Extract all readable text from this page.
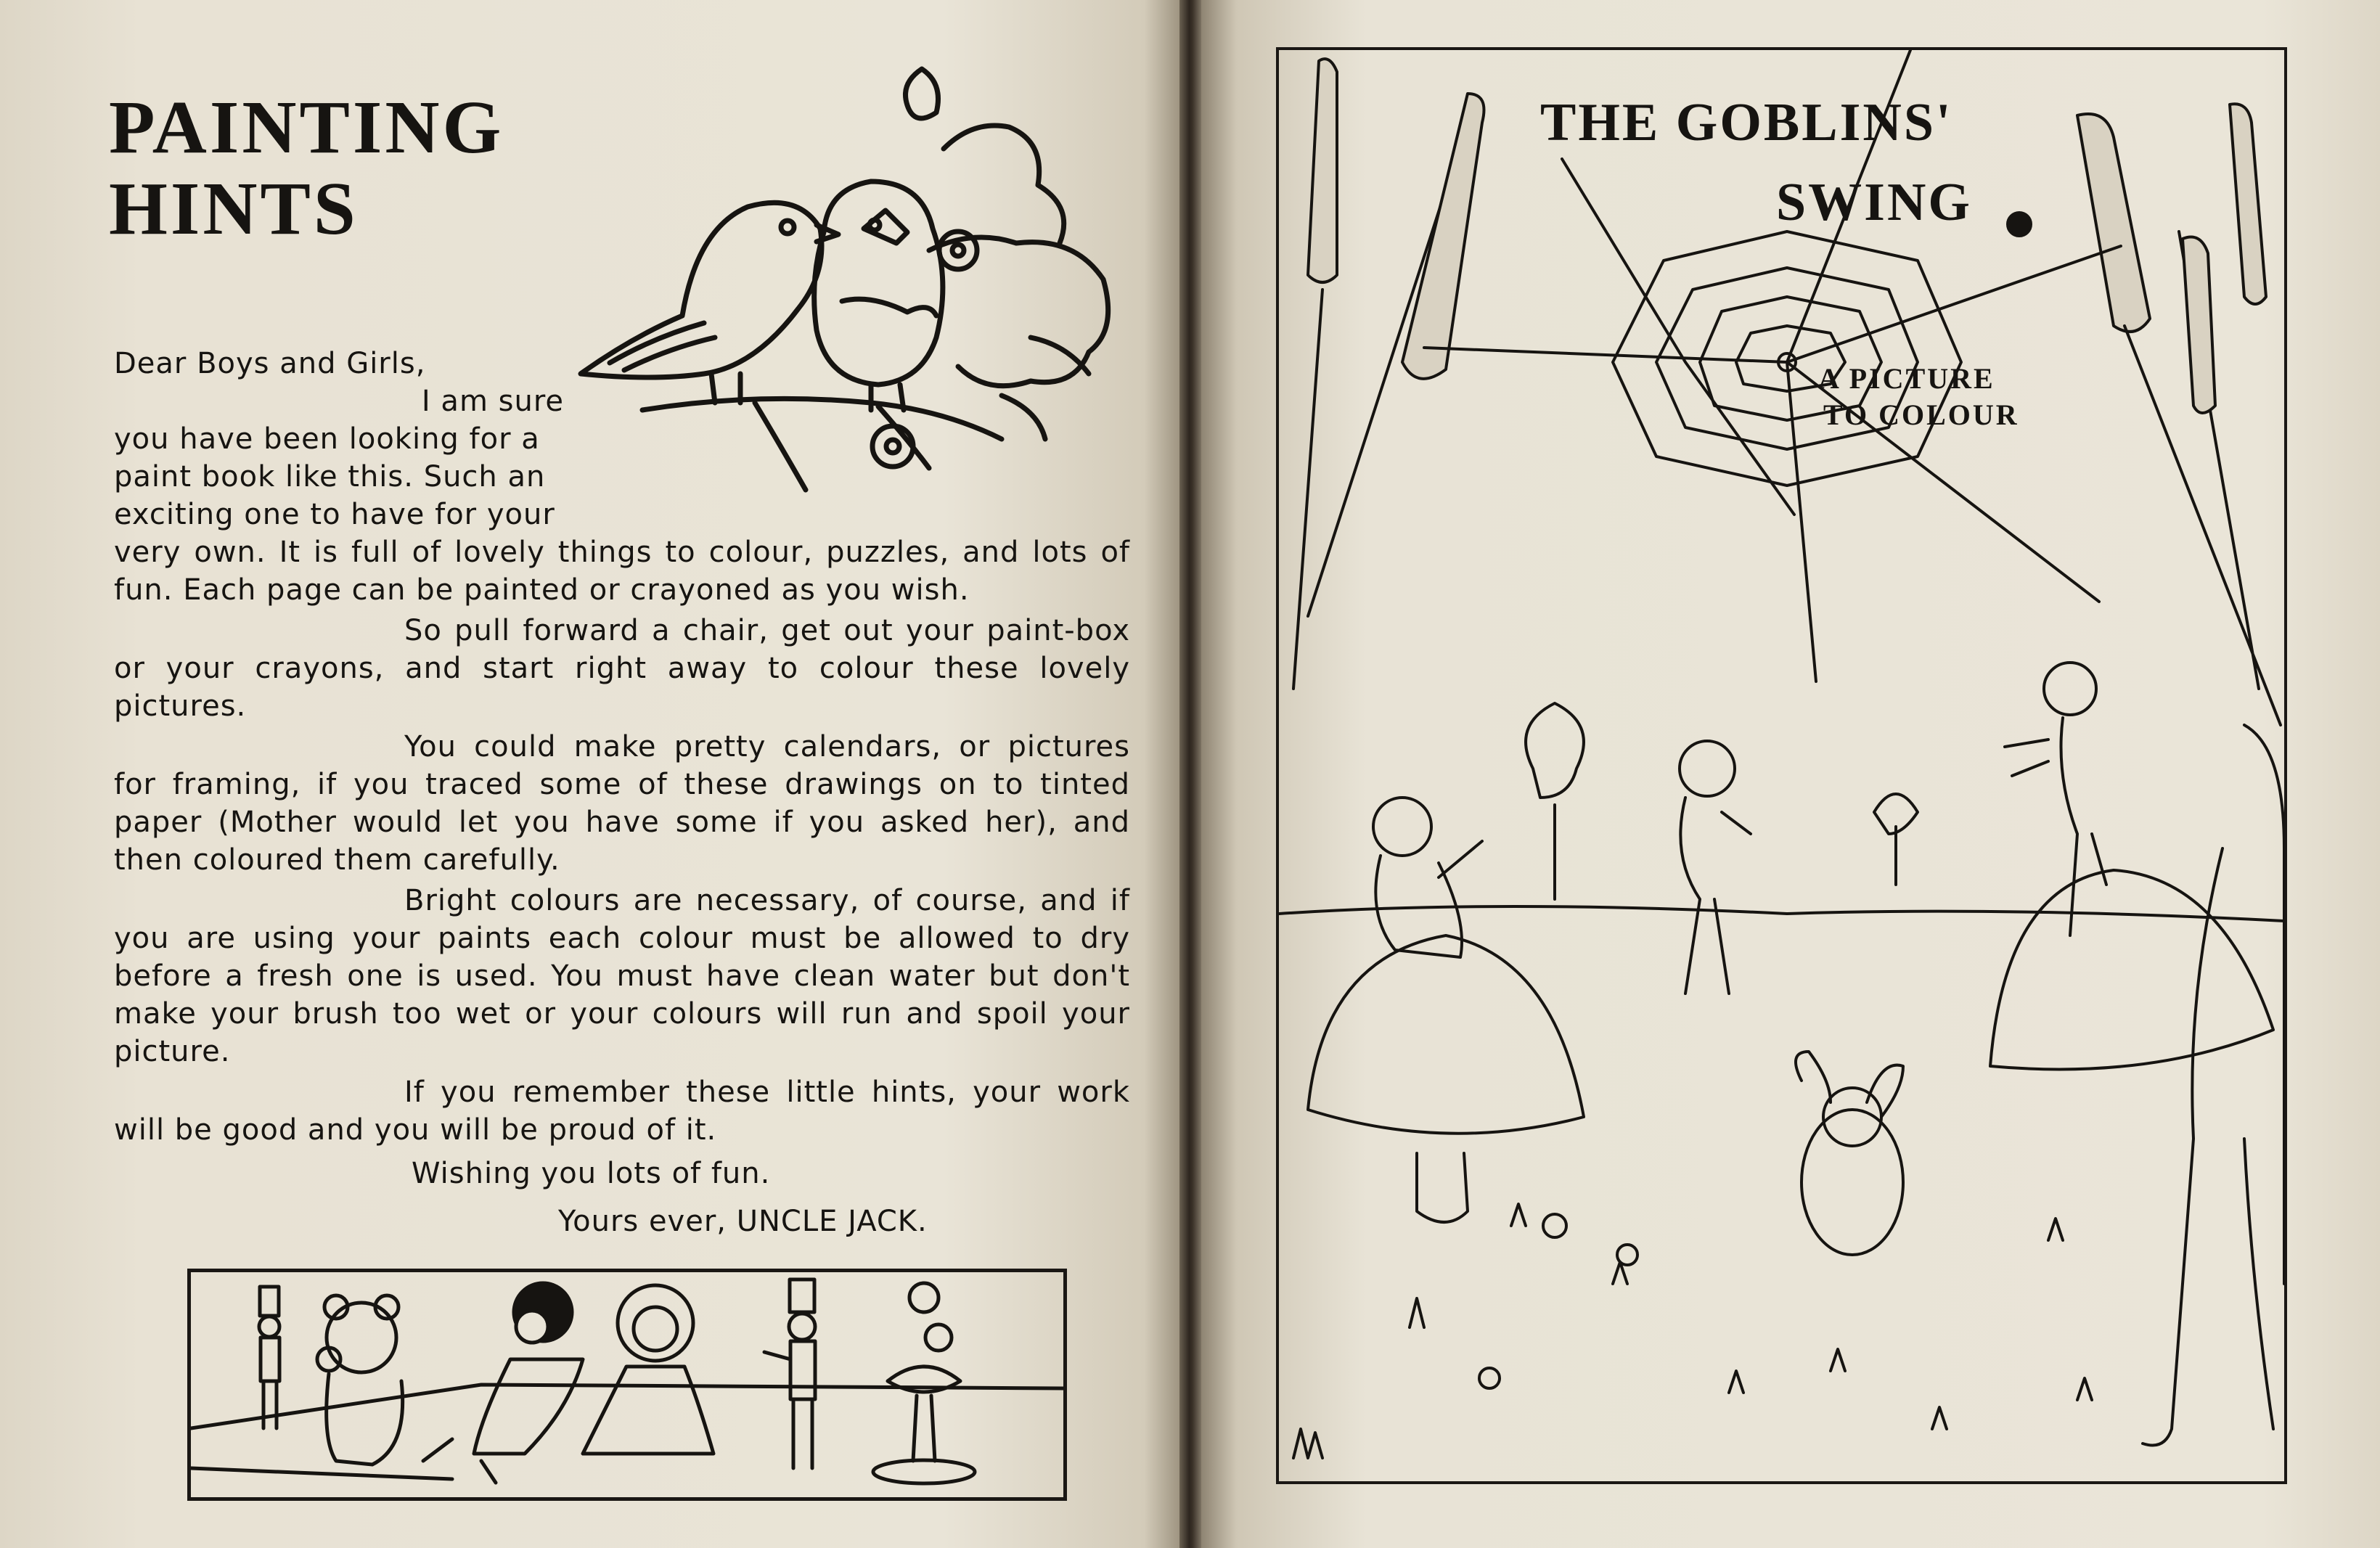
PAINTING
HINTS

Dear Boys and Girls,

I am sure

you have been looking for a

paint book like this. Such an

exciting one to have for your

very own. It is full of lovely things to colour, puzzles, and lots of fun. Each page can be painted or crayoned as you wish.

So pull forward a chair, get out your paint-box or your crayons, and start right away to colour these lovely pictures.

You could make pretty calendars, or pictures for framing, if you traced some of these drawings on to tinted paper (Mother would let you have some if you asked her), and then coloured them carefully.

Bright colours are necessary, of course, and if you are using your paints each colour must be allowed to dry before a fresh one is used. You must have clean water but don't make your brush too wet or your colours will run and spoil your picture.

If you remember these little hints, your work will be good and you will be proud of it.

Wishing you lots of fun.

Yours ever, UNCLE JACK.

THE GOBLINS'
SWING
A PICTURE
TO COLOUR
